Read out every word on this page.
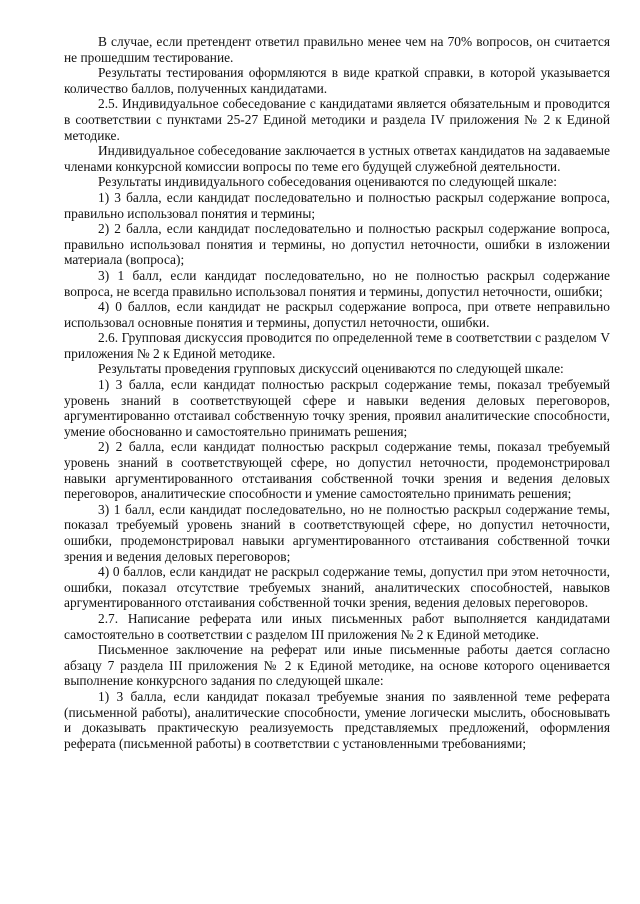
В случае, если претендент ответил правильно менее чем на 70% вопросов, он считается не прошедшим тестирование.

Результаты тестирования оформляются в виде краткой справки, в которой указывается количество баллов, полученных кандидатами.

2.5. Индивидуальное собеседование с кандидатами является обязательным и проводится в соответствии с пунктами 25-27 Единой методики и раздела IV приложения № 2 к Единой методике.

Индивидуальное собеседование заключается в устных ответах кандидатов на задаваемые членами конкурсной комиссии вопросы по теме его будущей служебной деятельности.

Результаты индивидуального собеседования оцениваются по следующей шкале:

1) 3 балла, если кандидат последовательно и полностью раскрыл содержание вопроса, правильно использовал понятия и термины;

2) 2 балла, если кандидат последовательно и полностью раскрыл содержание вопроса, правильно использовал понятия и термины, но допустил неточности, ошибки в изложении материала (вопроса);

3) 1 балл, если кандидат последовательно, но не полностью раскрыл содержание вопроса, не всегда правильно использовал понятия и термины, допустил неточности, ошибки;

4) 0 баллов, если кандидат не раскрыл содержание вопроса, при ответе неправильно использовал основные понятия и термины, допустил неточности, ошибки.

2.6. Групповая дискуссия проводится по определенной теме в соответствии с разделом V приложения № 2 к Единой методике.

Результаты проведения групповых дискуссий оцениваются по следующей шкале:

1) 3 балла, если кандидат полностью раскрыл содержание темы, показал требуемый уровень знаний в соответствующей сфере и навыки ведения деловых переговоров, аргументированно отстаивал собственную точку зрения, проявил аналитические способности, умение обоснованно и самостоятельно принимать решения;

2) 2 балла, если кандидат полностью раскрыл содержание темы, показал требуемый уровень знаний в соответствующей сфере, но допустил неточности, продемонстрировал навыки аргументированного отстаивания собственной точки зрения и ведения деловых переговоров, аналитические способности и умение самостоятельно принимать решения;

3) 1 балл, если кандидат последовательно, но не полностью раскрыл содержание темы, показал требуемый уровень знаний в соответствующей сфере, но допустил неточности, ошибки, продемонстрировал навыки аргументированного отстаивания собственной точки зрения и ведения деловых переговоров;

4) 0 баллов, если кандидат не раскрыл содержание темы, допустил при этом неточности, ошибки, показал отсутствие требуемых знаний, аналитических способностей, навыков аргументированного отстаивания собственной точки зрения, ведения деловых переговоров.

2.7. Написание реферата или иных письменных работ выполняется кандидатами самостоятельно в соответствии с разделом III приложения № 2 к Единой методике.

Письменное заключение на реферат или иные письменные работы дается согласно абзацу 7 раздела III приложения № 2 к Единой методике, на основе которого оценивается выполнение конкурсного задания по следующей шкале:

1) 3 балла, если кандидат показал требуемые знания по заявленной теме реферата (письменной работы), аналитические способности, умение логически мыслить, обосновывать и доказывать практическую реализуемость представляемых предложений, оформления реферата (письменной работы) в соответствии с установленными требованиями;
